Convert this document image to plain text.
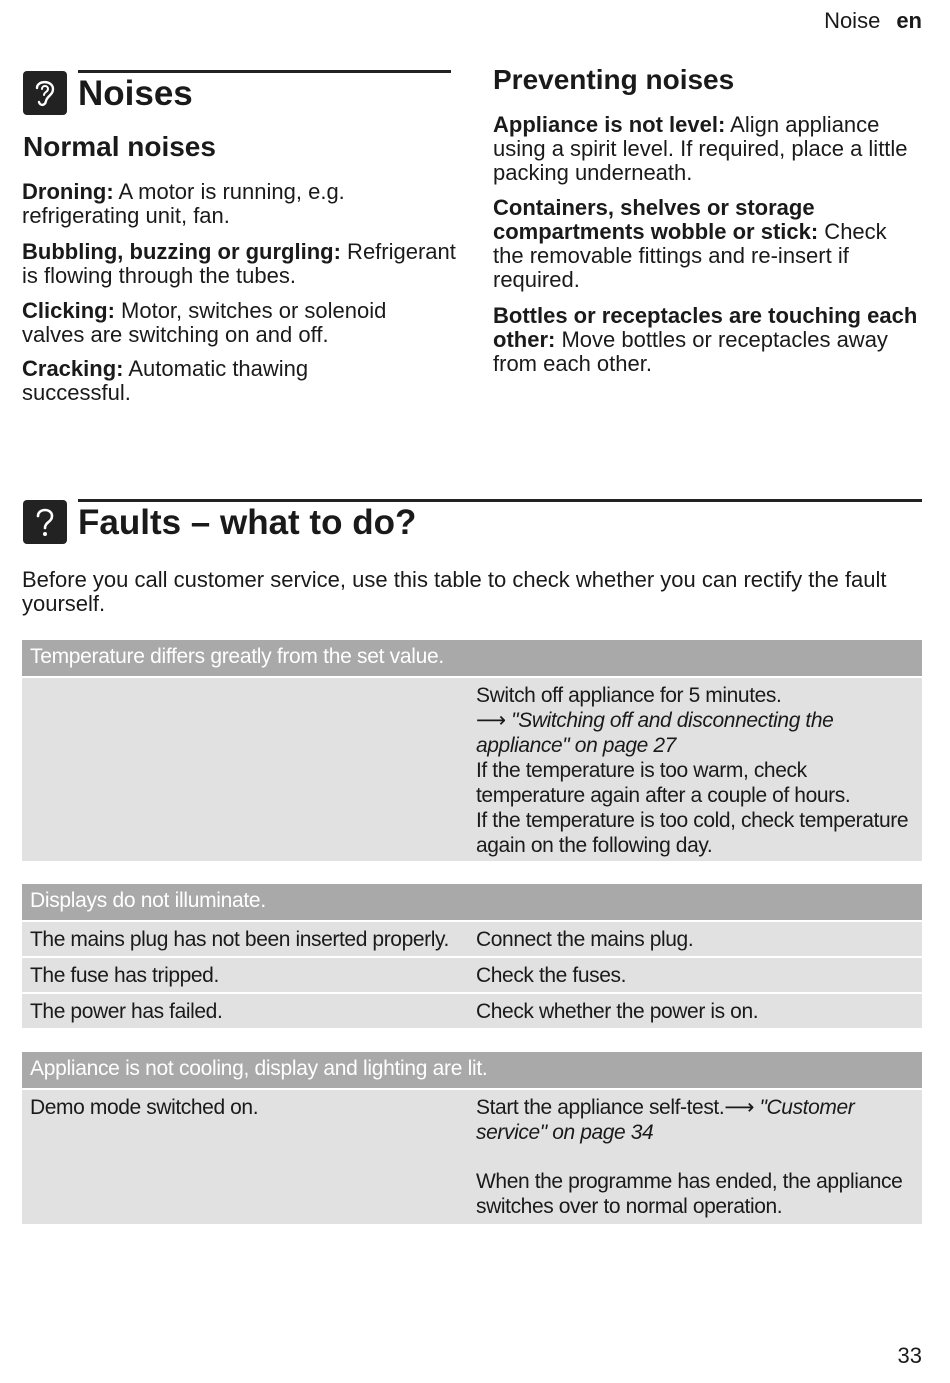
Noise en
Noises
Normal noises
Droning: A motor is running, e.g. refrigerating unit, fan.
Bubbling, buzzing or gurgling: Refrigerant is flowing through the tubes.
Clicking: Motor, switches or solenoid valves are switching on and off.
Cracking: Automatic thawing successful.
Preventing noises
Appliance is not level: Align appliance using a spirit level. If required, place a little packing underneath.
Containers, shelves or storage compartments wobble or stick: Check the removable fittings and re-insert if required.
Bottles or receptacles are touching each other: Move bottles or receptacles away from each other.
Faults – what to do?
Before you call customer service, use this table to check whether you can rectify the fault yourself.
Temperature differs greatly from the set value.
Switch off appliance for 5 minutes.
⟶ "Switching off and disconnecting the appliance" on page 27
If the temperature is too warm, check temperature again after a couple of hours.
If the temperature is too cold, check temperature again on the following day.
Displays do not illuminate.
The mains plug has not been inserted properly.	Connect the mains plug.
The fuse has tripped.	Check the fuses.
The power has failed.	Check whether the power is on.
Appliance is not cooling, display and lighting are lit.
Demo mode switched on.	Start the appliance self-test.⟶ "Customer service" on page 34
When the programme has ended, the appliance switches over to normal operation.
33
